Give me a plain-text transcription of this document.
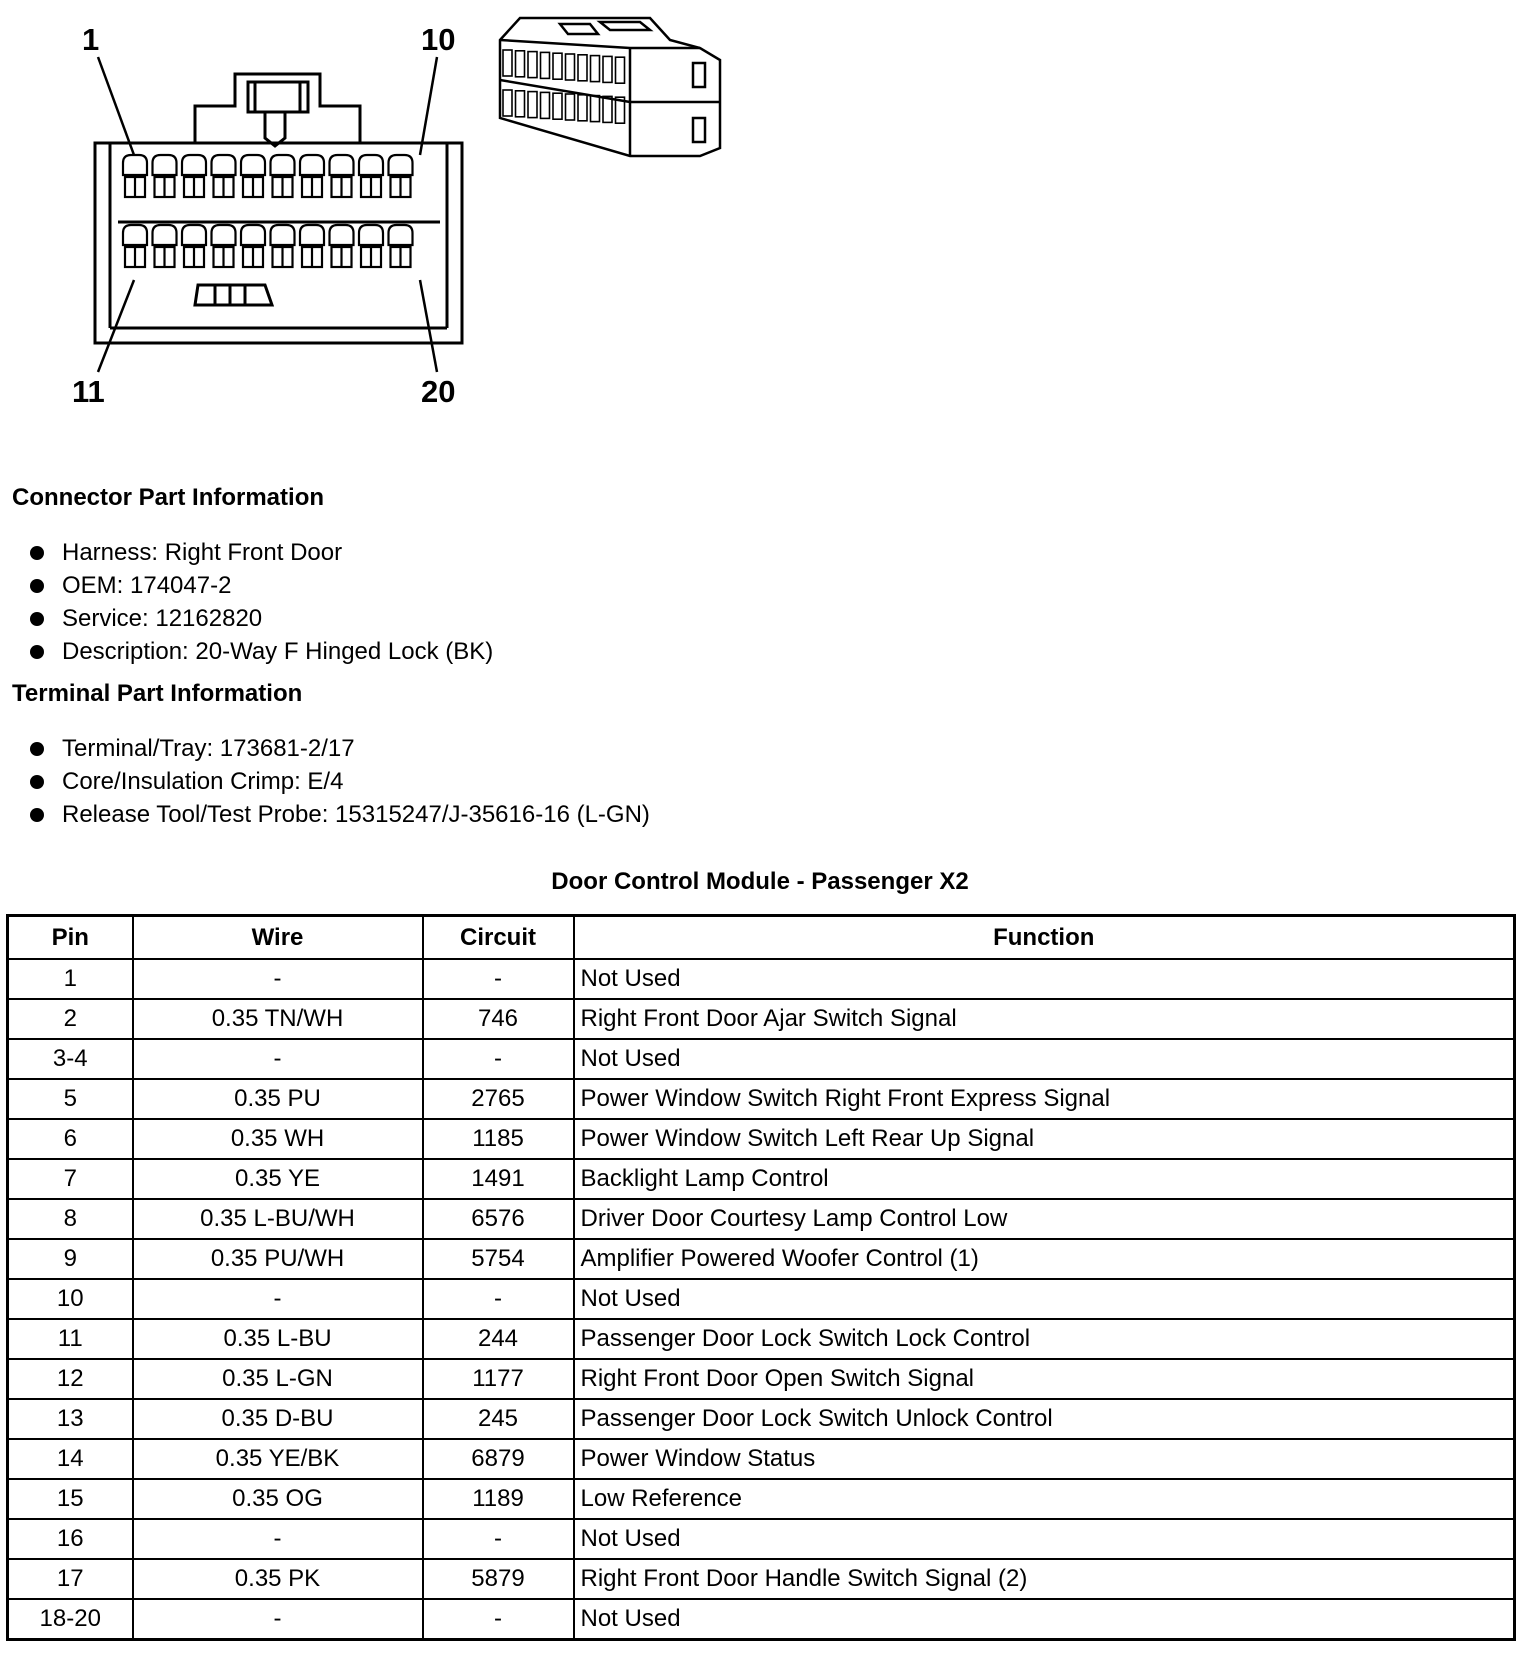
1	10
11	20
Connector Part Information
Harness: Right Front Door
OEM: 174047-2
Service: 12162820
Description: 20-Way F Hinged Lock (BK)
Terminal Part Information
Terminal/Tray: 173681-2/17
Core/Insulation Crimp: E/4
Release Tool/Test Probe: 15315247/J-35616-16 (L-GN)
Door Control Module - Passenger X2
Pin	Wire	Circuit	Function
1	-	-	Not Used
2	0.35 TN/WH	746	Right Front Door Ajar Switch Signal
3-4	-	-	Not Used
5	0.35 PU	2765	Power Window Switch Right Front Express Signal
6	0.35 WH	1185	Power Window Switch Left Rear Up Signal
7	0.35 YE	1491	Backlight Lamp Control
8	0.35 L-BU/WH	6576	Driver Door Courtesy Lamp Control Low
9	0.35 PU/WH	5754	Amplifier Powered Woofer Control (1)
10	-	-	Not Used
11	0.35 L-BU	244	Passenger Door Lock Switch Lock Control
12	0.35 L-GN	1177	Right Front Door Open Switch Signal
13	0.35 D-BU	245	Passenger Door Lock Switch Unlock Control
14	0.35 YE/BK	6879	Power Window Status
15	0.35 OG	1189	Low Reference
16	-	-	Not Used
17	0.35 PK	5879	Right Front Door Handle Switch Signal (2)
18-20	-	-	Not Used
